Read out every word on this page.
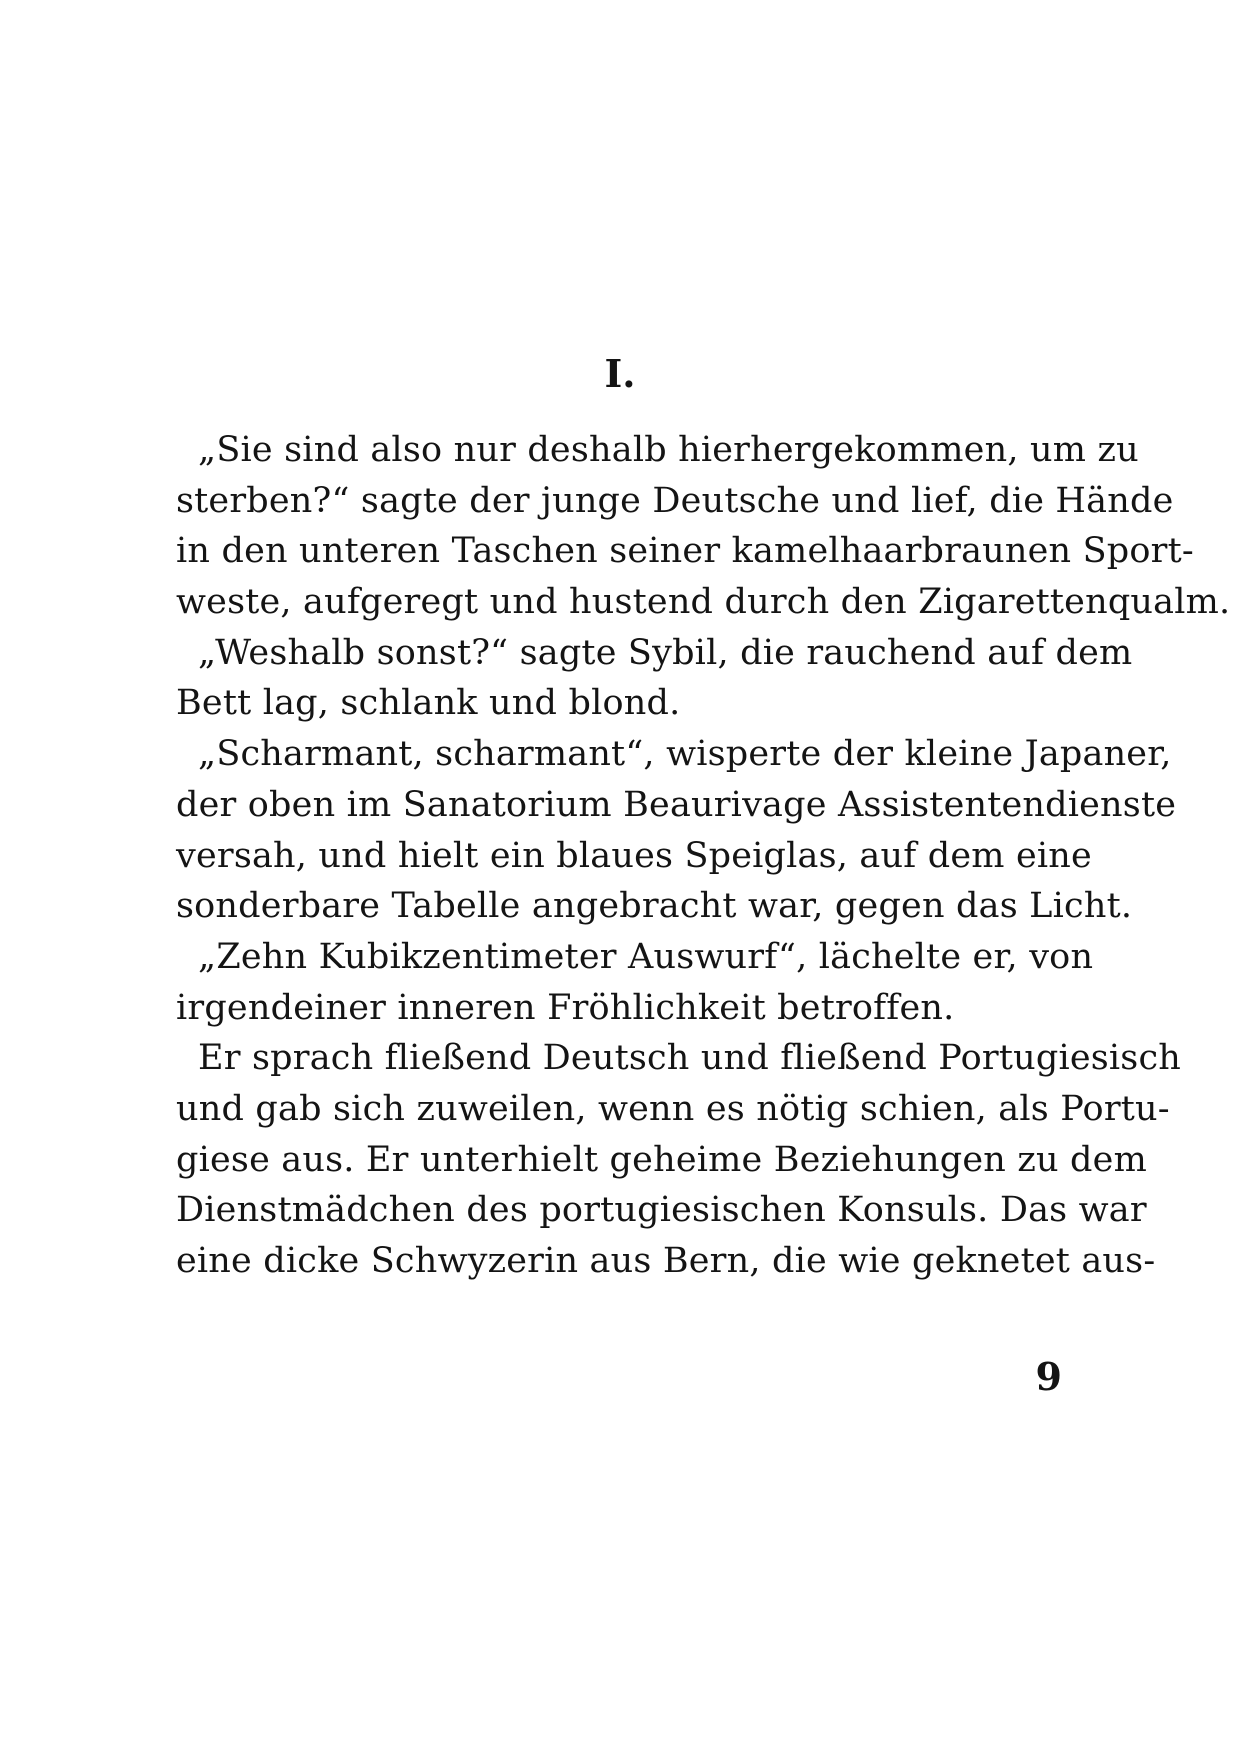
I.
„Sie sind also nur deshalb hierhergekommen, um zu
sterben?“ sagte der junge Deutsche und lief, die Hände
in den unteren Taschen seiner kamelhaarbraunen Sport-
weste, aufgeregt und hustend durch den Zigarettenqualm.
„Weshalb sonst?“ sagte Sybil, die rauchend auf dem
Bett lag, schlank und blond.
„Scharmant, scharmant“, wisperte der kleine Japaner,
der oben im Sanatorium Beaurivage Assistentendienste
versah, und hielt ein blaues Speiglas, auf dem eine
sonderbare Tabelle angebracht war, gegen das Licht.
„Zehn Kubikzentimeter Auswurf“, lächelte er, von
irgendeiner inneren Fröhlichkeit betroffen.
Er sprach fließend Deutsch und fließend Portugiesisch
und gab sich zuweilen, wenn es nötig schien, als Portu-
giese aus. Er unterhielt geheime Beziehungen zu dem
Dienstmädchen des portugiesischen Konsuls. Das war
eine dicke Schwyzerin aus Bern, die wie geknetet aus-
9
